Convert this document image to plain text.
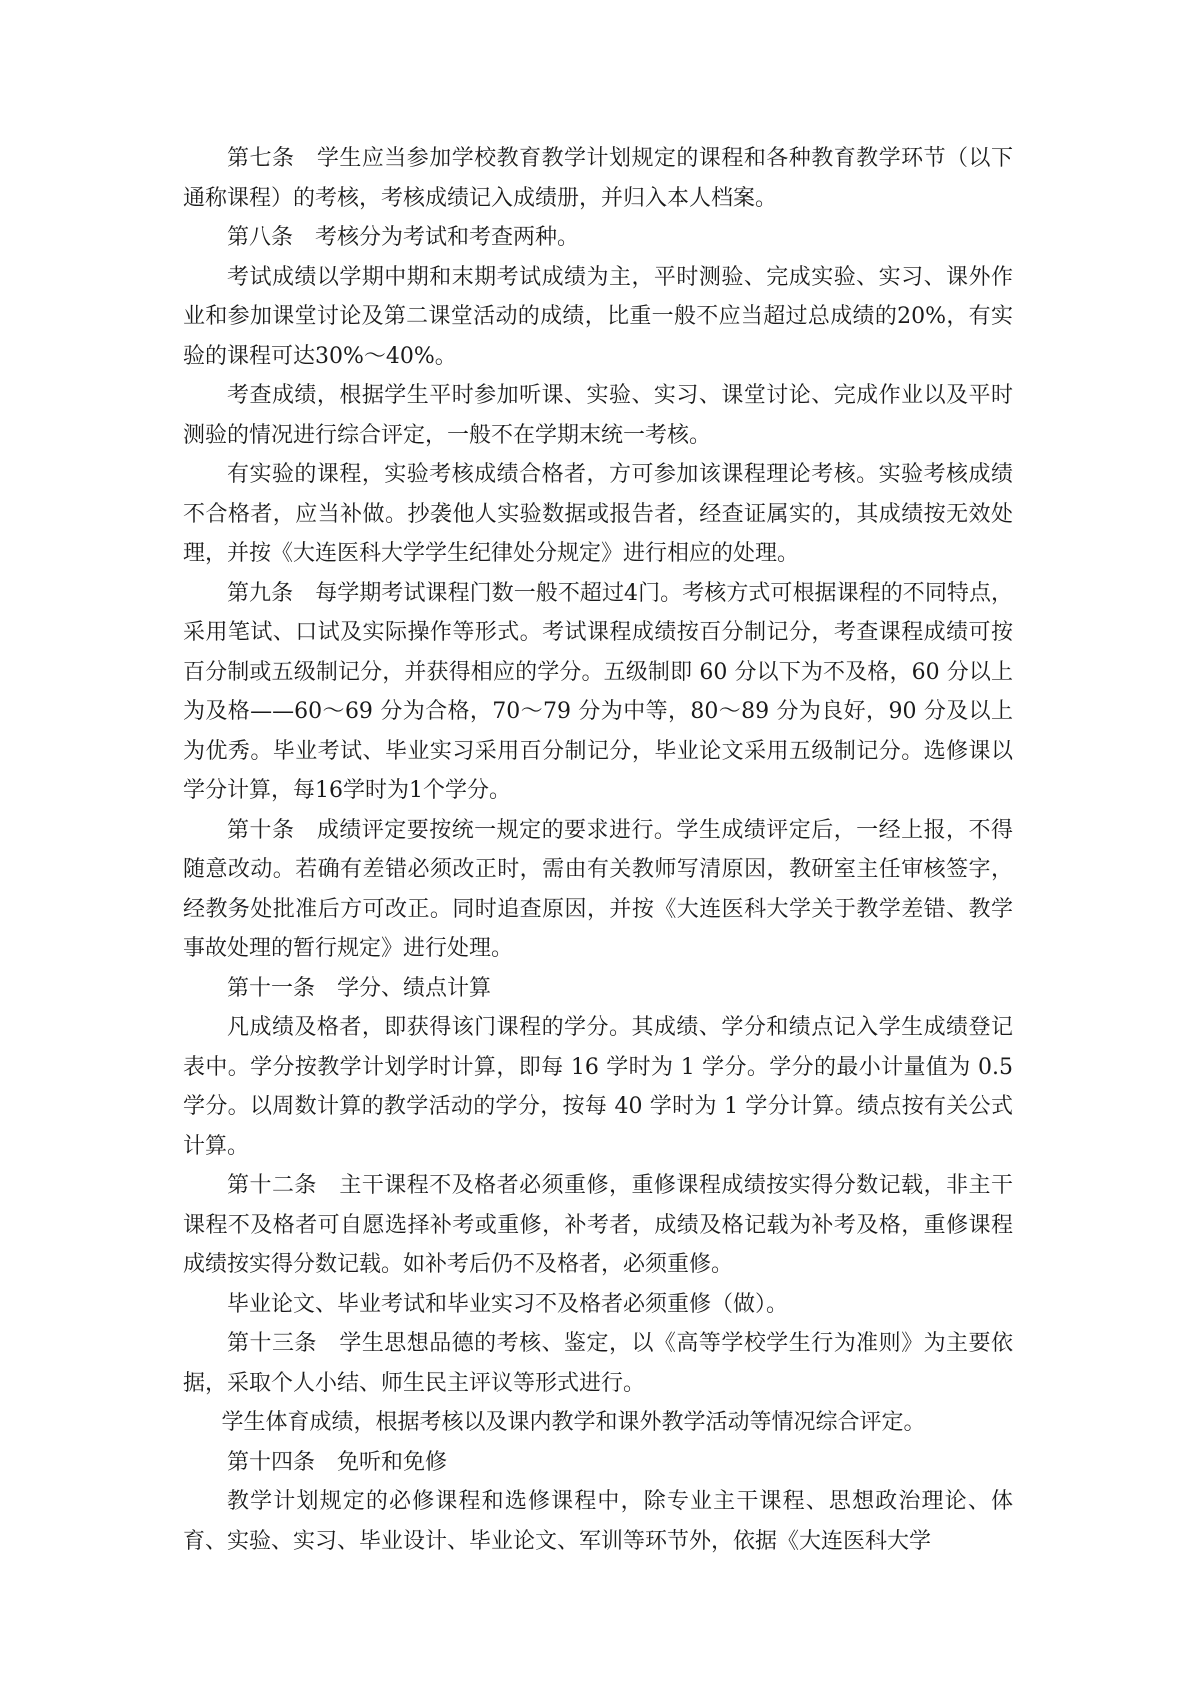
第七条　学生应当参加学校教育教学计划规定的课程和各种教育教学环节（以下通称课程）的考核，考核成绩记入成绩册，并归入本人档案。

第八条　考核分为考试和考查两种。

考试成绩以学期中期和末期考试成绩为主，平时测验、完成实验、实习、课外作业和参加课堂讨论及第二课堂活动的成绩，比重一般不应当超过总成绩的20%，有实验的课程可达30%～40%。

考查成绩，根据学生平时参加听课、实验、实习、课堂讨论、完成作业以及平时测验的情况进行综合评定，一般不在学期末统一考核。

有实验的课程，实验考核成绩合格者，方可参加该课程理论考核。实验考核成绩不合格者，应当补做。抄袭他人实验数据或报告者，经查证属实的，其成绩按无效处理，并按《大连医科大学学生纪律处分规定》进行相应的处理。

第九条　每学期考试课程门数一般不超过4门。考核方式可根据课程的不同特点，采用笔试、口试及实际操作等形式。考试课程成绩按百分制记分，考查课程成绩可按百分制或五级制记分，并获得相应的学分。五级制即 60 分以下为不及格，60 分以上为及格——60～69 分为合格，70～79 分为中等，80～89 分为良好，90 分及以上为优秀。毕业考试、毕业实习采用百分制记分，毕业论文采用五级制记分。选修课以学分计算，每16学时为1个学分。

第十条　成绩评定要按统一规定的要求进行。学生成绩评定后，一经上报，不得随意改动。若确有差错必须改正时，需由有关教师写清原因，教研室主任审核签字，经教务处批准后方可改正。同时追查原因，并按《大连医科大学关于教学差错、教学事故处理的暂行规定》进行处理。

第十一条　学分、绩点计算

凡成绩及格者，即获得该门课程的学分。其成绩、学分和绩点记入学生成绩登记表中。学分按教学计划学时计算，即每 16 学时为 1 学分。学分的最小计量值为 0.5 学分。以周数计算的教学活动的学分，按每 40 学时为 1 学分计算。绩点按有关公式计算。

第十二条　主干课程不及格者必须重修，重修课程成绩按实得分数记载，非主干课程不及格者可自愿选择补考或重修，补考者，成绩及格记载为补考及格，重修课程成绩按实得分数记载。如补考后仍不及格者，必须重修。

毕业论文、毕业考试和毕业实习不及格者必须重修（做）。

第十三条　学生思想品德的考核、鉴定，以《高等学校学生行为准则》为主要依据，采取个人小结、师生民主评议等形式进行。

学生体育成绩，根据考核以及课内教学和课外教学活动等情况综合评定。

第十四条　免听和免修

教学计划规定的必修课程和选修课程中，除专业主干课程、思想政治理论、体育、实验、实习、毕业设计、毕业论文、军训等环节外，依据《大连医科大学
